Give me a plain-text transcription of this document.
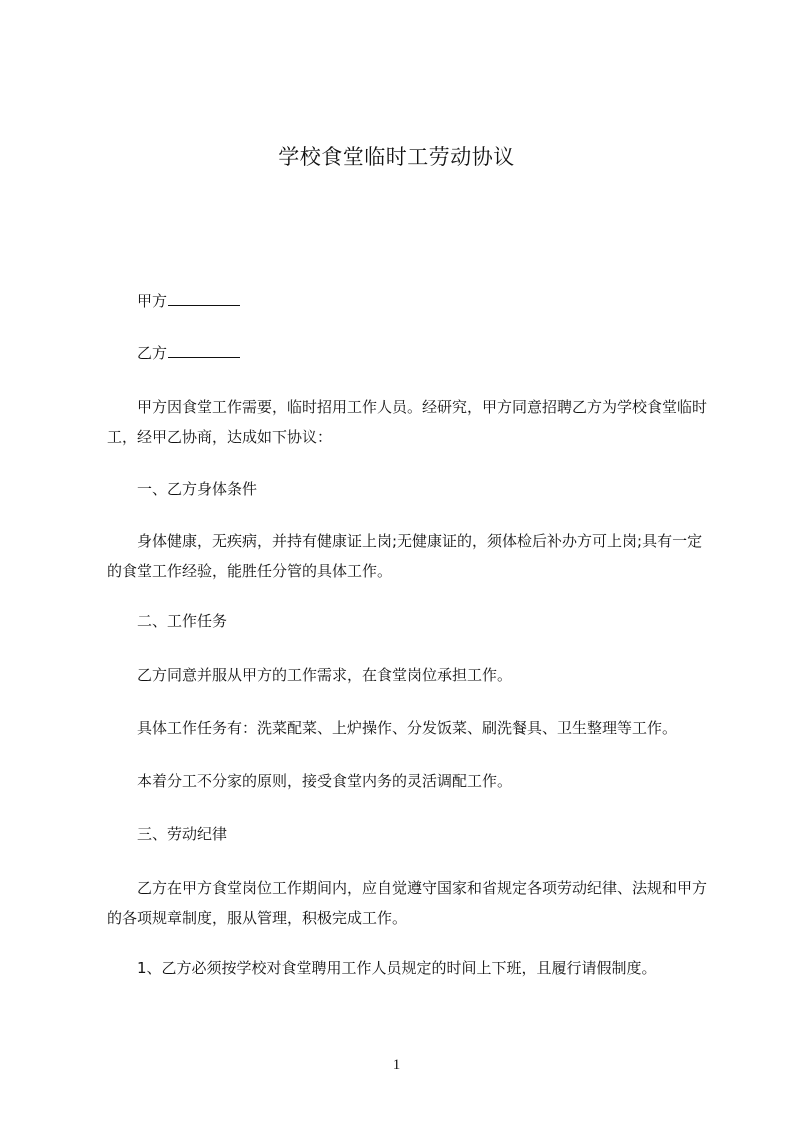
学校食堂临时工劳动协议
甲方
乙方
甲方因食堂工作需要，临时招用工作人员。经研究，甲方同意招聘乙方为学校食堂临时工，经甲乙协商，达成如下协议：
一、乙方身体条件
身体健康，无疾病，并持有健康证上岗;无健康证的，须体检后补办方可上岗;具有一定的食堂工作经验，能胜任分管的具体工作。
二、工作任务
乙方同意并服从甲方的工作需求，在食堂岗位承担工作。
具体工作任务有：洗菜配菜、上炉操作、分发饭菜、刷洗餐具、卫生整理等工作。
本着分工不分家的原则，接受食堂内务的灵活调配工作。
三、劳动纪律
乙方在甲方食堂岗位工作期间内，应自觉遵守国家和省规定各项劳动纪律、法规和甲方的各项规章制度，服从管理，积极完成工作。
1、乙方必须按学校对食堂聘用工作人员规定的时间上下班，且履行请假制度。
1
